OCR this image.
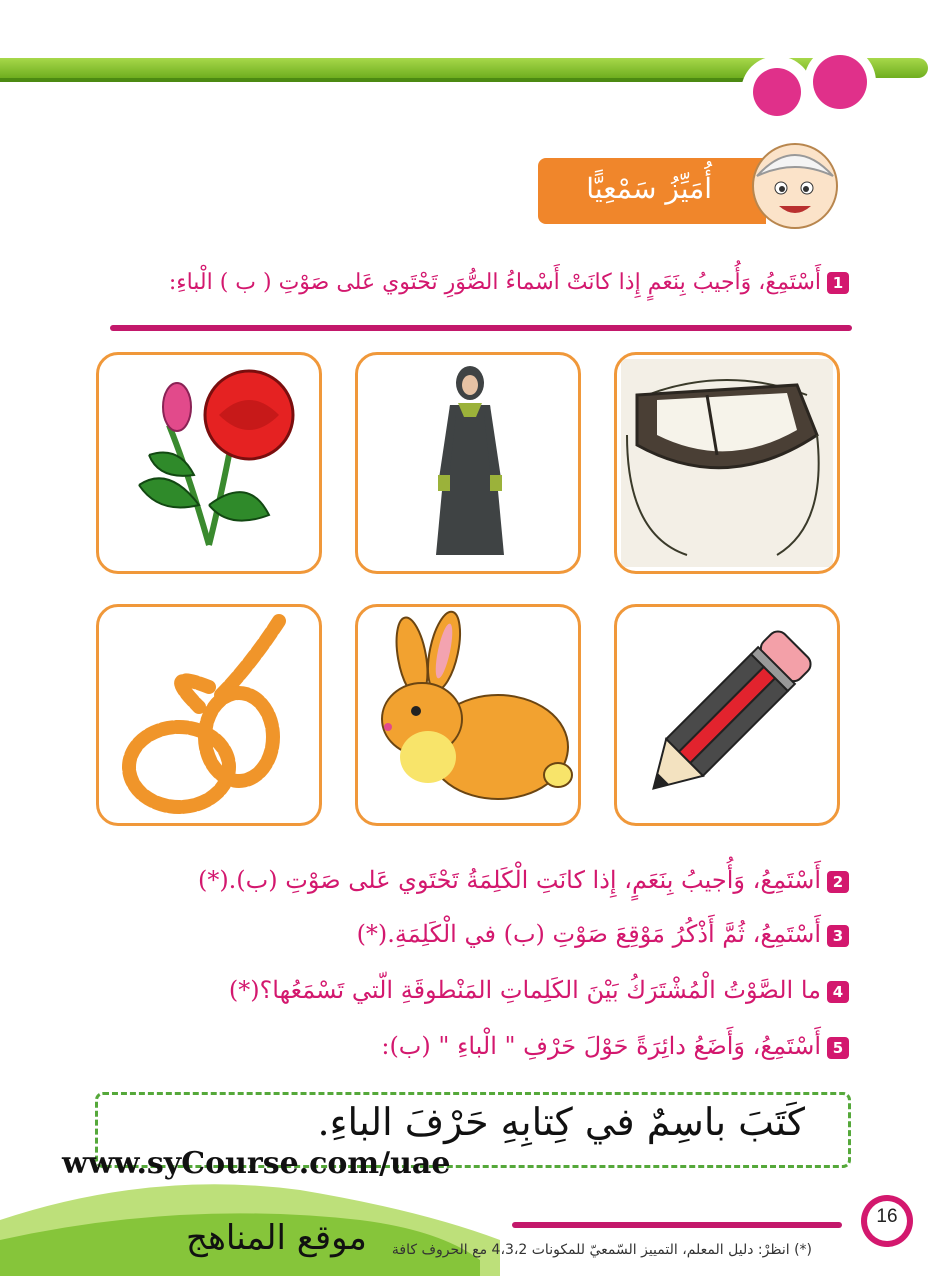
أُمَيِّزُ سَمْعِيًّا
1أَسْتَمِعُ، وَأُجيبُ بِنَعَمٍ إِذا كانَتْ أَسْماءُ الصُّوَرِ تَحْتَوي عَلى صَوْتِ ( ب ) الْباءِ:
2أَسْتَمِعُ، وَأُجيبُ بِنَعَمٍ، إِذا كانَتِ الْكَلِمَةُ تَحْتَوي عَلى صَوْتِ (ب).(*)
3أَسْتَمِعُ، ثُمَّ أَذْكُرُ مَوْقِعَ صَوْتِ (ب) في الْكَلِمَةِ.(*)
4ما الصَّوْتُ الْمُشْتَرَكُ بَيْنَ الكَلِماتِ المَنْطوقَةِ الّتي تَسْمَعُها؟(*)
5أَسْتَمِعُ، وَأَضَعُ دائِرَةً حَوْلَ حَرْفِ " الْباءِ " (ب):
كَتَبَ باسِمٌ في كِتابِهِ حَرْفَ الباءِ.
www.syCourse.com/uae
موقع المناهج (*) انظرْ: دليل المعلم، التمييز السّمعيّ للمكونات 4،3،2 مع الحروف كافة
16
